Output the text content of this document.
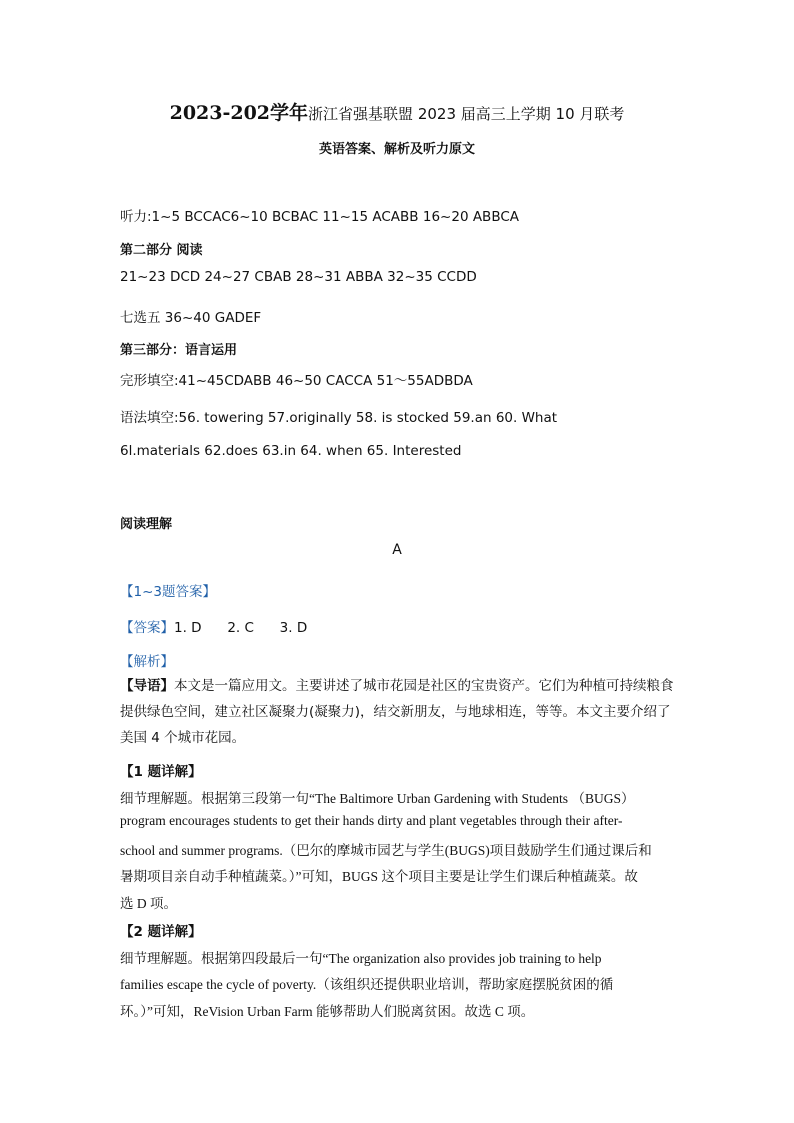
2023-202学年浙江省强基联盟 2023 届高三上学期 10 月联考
英语答案、解析及听力原文
听力:1~5 BCCAC6~10 BCBAC 11~15 ACABB 16~20 ABBCA
第二部分 阅读
21~23 DCD 24~27 CBAB 28~31 ABBA 32~35 CCDD
七选五 36~40 GADEF
第三部分：语言运用
完形填空:41~45CDABB 46~50 CACCA 51～55ADBDA
语法填空:56. towering 57.originally 58. is stocked 59.an 60. What
6l.materials 62.does 63.in 64. when 65. Interested
阅读理解
A
【1~3题答案】
【答案】1. D      2. C      3. D
【解析】
【导语】本文是一篇应用文。主要讲述了城市花园是社区的宝贵资产。它们为种植可持续粮食提供绿色空间，建立社区凝聚力(凝聚力)，结交新朋友，与地球相连，等等。本文主要介绍了美国 4 个城市花园。
【1 题详解】
细节理解题。根据第三段第一句“The Baltimore Urban Gardening with Students （BUGS）
program encourages students to get their hands dirty and plant vegetables through their after-
school and summer programs.（巴尔的摩城市园艺与学生(BUGS)项目鼓励学生们通过课后和
暑期项目亲自动手种植蔬菜。）”可知，BUGS 这个项目主要是让学生们课后种植蔬菜。故
选 D 项。
【2 题详解】
细节理解题。根据第四段最后一句“The organization also provides job training to help
families escape the cycle of poverty.（该组织还提供职业培训，帮助家庭摆脱贫困的循
环。）”可知，ReVision Urban Farm 能够帮助人们脱离贫困。故选 C 项。
